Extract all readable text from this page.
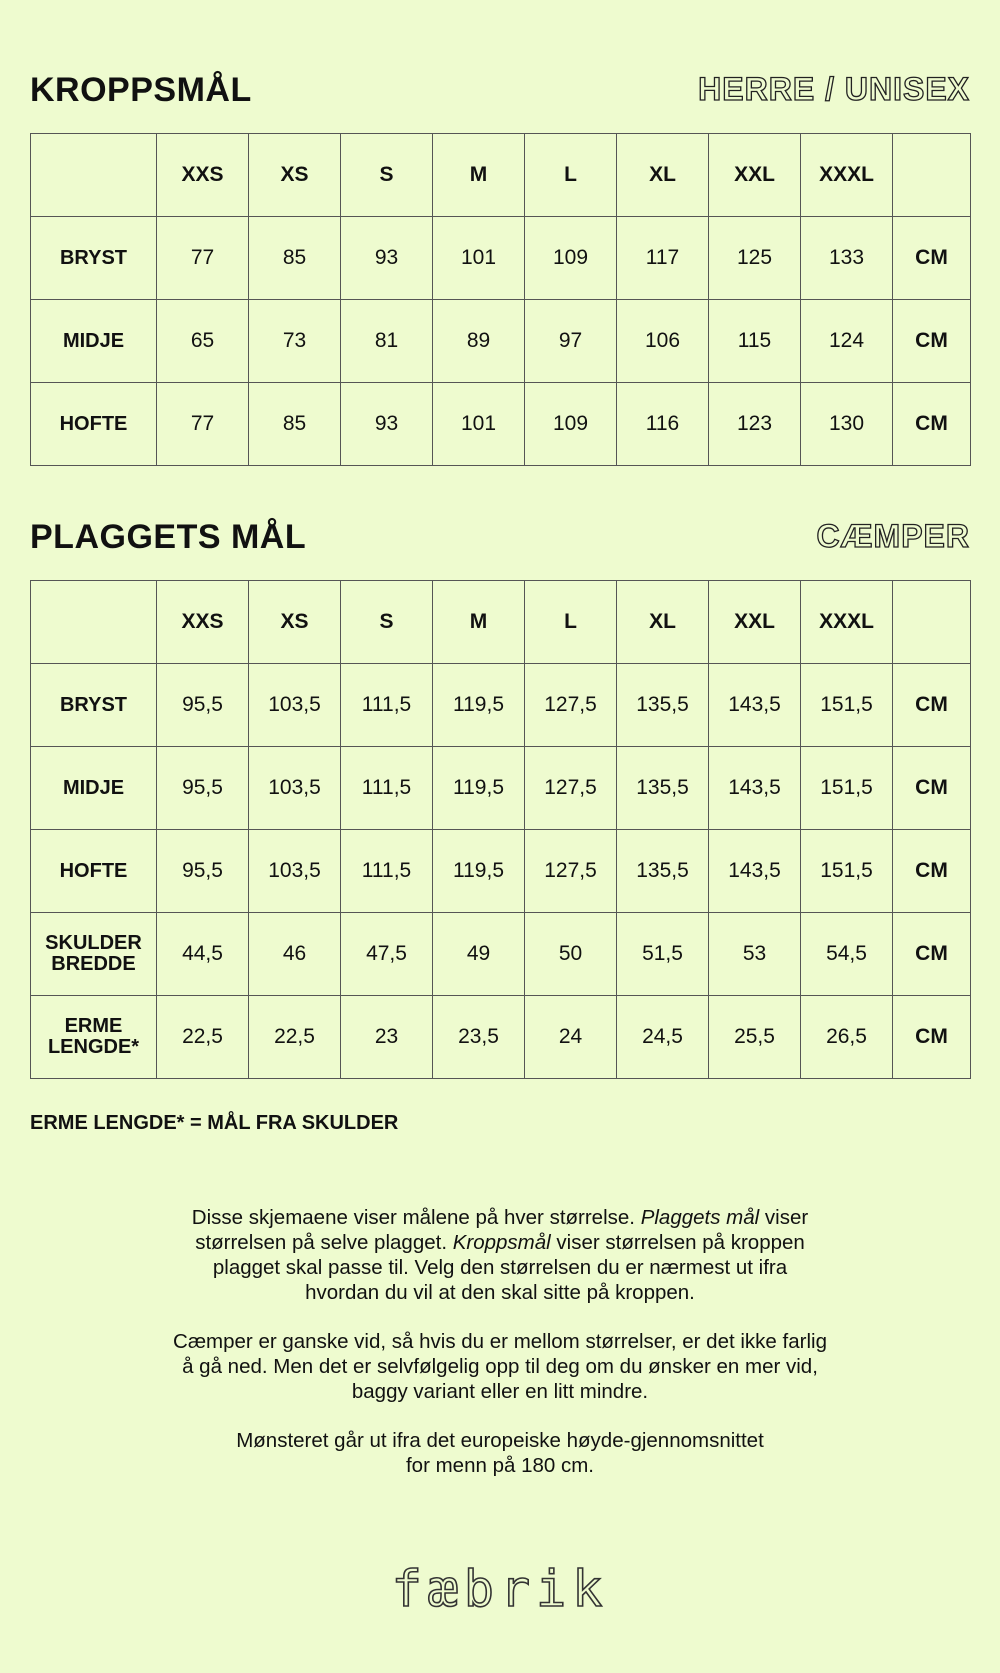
KROPPSMÅL	HERRE / UNISEX
	XXS	XS	S	M	L	XL	XXL	XXXL	
BRYST	77	85	93	101	109	117	125	133	CM
MIDJE	65	73	81	89	97	106	115	124	CM
HOFTE	77	85	93	101	109	116	123	130	CM
PLAGGETS MÅL	CÆMPER
	XXS	XS	S	M	L	XL	XXL	XXXL	
BRYST	95,5	103,5	111,5	119,5	127,5	135,5	143,5	151,5	CM
MIDJE	95,5	103,5	111,5	119,5	127,5	135,5	143,5	151,5	CM
HOFTE	95,5	103,5	111,5	119,5	127,5	135,5	143,5	151,5	CM
SKULDER
BREDDE	44,5	46	47,5	49	50	51,5	53	54,5	CM
ERME
LENGDE*	22,5	22,5	23	23,5	24	24,5	25,5	26,5	CM
ERME LENGDE* = MÅL FRA SKULDER

Disse skjemaene viser målene på hver størrelse. Plaggets mål viser
størrelsen på selve plagget. Kroppsmål viser størrelsen på kroppen
plagget skal passe til. Velg den størrelsen du er nærmest ut ifra
hvordan du vil at den skal sitte på kroppen.

Cæmper er ganske vid, så hvis du er mellom størrelser, er det ikke farlig
å gå ned. Men det er selvfølgelig opp til deg om du ønsker en mer vid,
baggy variant eller en litt mindre.

Mønsteret går ut ifra det europeiske høyde-gjennomsnittet
for menn på 180 cm.

fæbrik
